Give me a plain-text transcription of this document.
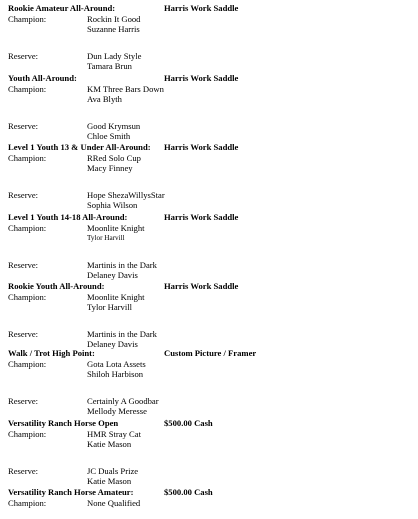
Rookie Amateur All-Around:	Harris Work Saddle
Champion:	Rockin It Good
Suzanne Harris
Reserve:	Dun Lady Style
Tamara Brun
Youth All-Around:	Harris Work Saddle
Champion:	KM Three Bars Down
Ava Blyth
Reserve:	Good Krymsun
Chloe Smith
Level 1 Youth 13 & Under All-Around: Harris Work Saddle
Champion:	RRed Solo Cup
Macy Finney
Reserve:	Hope ShezaWillysStar
Sophia Wilson
Level 1 Youth 14-18 All-Around:	Harris Work Saddle
Champion:	Moonlite Knight
Tylor Harvill
Reserve:	Martinis in the Dark
Delaney Davis
Rookie Youth All-Around:	Harris Work Saddle
Champion:	Moonlite Knight
Tylor Harvill
Reserve:	Martinis in the Dark
Delaney Davis
Walk / Trot High Point:	Custom Picture / Framer
Champion:	Gota Lota Assets
Shiloh Harbison
Reserve:	Certainly A Goodbar
Mellody Meresse
Versatility Ranch Horse Open	$500.00 Cash
Champion:	HMR Stray Cat
Katie Mason
Reserve:	JC Duals Prize
Katie Mason
Versatility Ranch Horse Amateur:	$500.00 Cash
Champion:	None Qualified
